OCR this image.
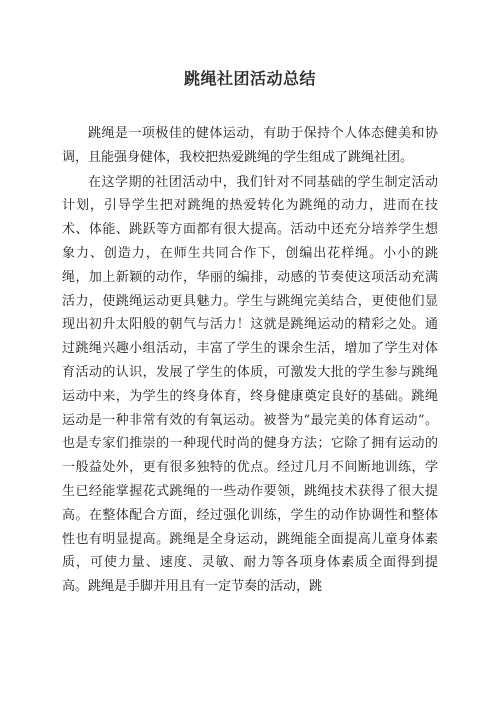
跳绳社团活动总结

跳绳是一项极佳的健体运动，有助于保持个人体态健美和协调，且能强身健体，我校把热爱跳绳的学生组成了跳绳社团。

在这学期的社团活动中，我们针对不同基础的学生制定活动计划，引导学生把对跳绳的热爱转化为跳绳的动力，进而在技术、体能、跳跃等方面都有很大提高。活动中还充分培养学生想象力、创造力，在师生共同合作下，创编出花样绳。小小的跳绳，加上新颖的动作，华丽的编排，动感的节奏使这项活动充满活力，使跳绳运动更具魅力。学生与跳绳完美结合，更使他们显现出初升太阳般的朝气与活力！这就是跳绳运动的精彩之处。通过跳绳兴趣小组活动，丰富了学生的课余生活，增加了学生对体育活动的认识，发展了学生的体质，可激发大批的学生参与跳绳运动中来，为学生的终身体育，终身健康奠定良好的基础。跳绳运动是一种非常有效的有氧运动。被誉为“最完美的体育运动”。也是专家们推崇的一种现代时尚的健身方法；它除了拥有运动的一般益处外，更有很多独特的优点。经过几月不间断地训练，学生已经能掌握花式跳绳的一些动作要领，跳绳技术获得了很大提高。在整体配合方面，经过强化训练，学生的动作协调性和整体性也有明显提高。跳绳是全身运动，跳绳能全面提高儿童身体素质，可使力量、速度、灵敏、耐力等各项身体素质全面得到提高。跳绳是手脚并用且有一定节奏的活动，跳
